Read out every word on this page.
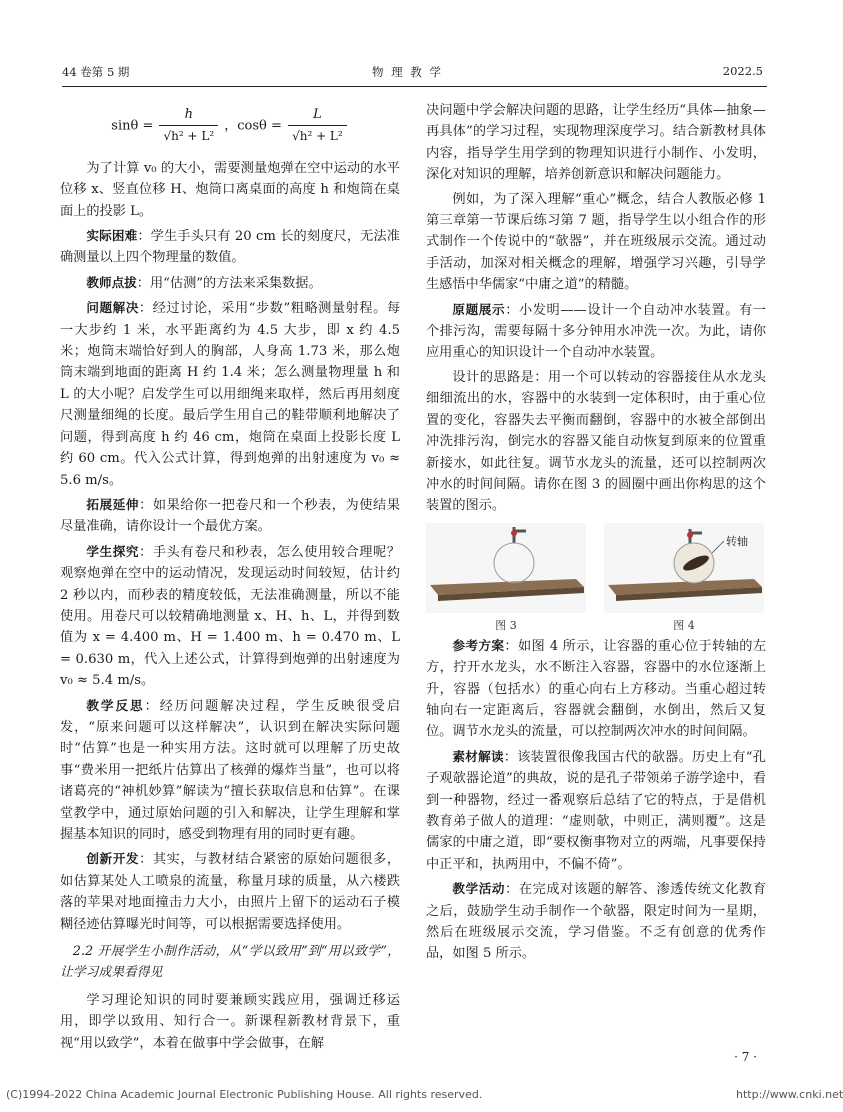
44 卷第 5 期	物 理 教 学	2022.5

$\sin\theta = \frac{h}{\text{√h² + L²}}$ ，$\cos\theta = \frac{L}{\text{√h² + L²}}$

为了计算 v₀ 的大小，需要测量炮弹在空中运动的水平位移 x、竖直位移 H、炮筒口离桌面的高度 h 和炮筒在桌面上的投影 L。

实际困难：学生手头只有 20 cm 长的刻度尺，无法准确测量以上四个物理量的数值。

教师点拔：用“估测”的方法来采集数据。

问题解决：经过讨论，采用“步数”粗略测量射程。每一大步约 1 米，水平距离约为 4.5 大步，即 x 约 4.5 米；炮筒末端恰好到人的胸部，人身高 1.73 米，那么炮筒末端到地面的距离 H 约 1.4 米；怎么测量物理量 h 和 L 的大小呢？启发学生可以用细绳来取样，然后再用刻度尺测量细绳的长度。最后学生用自己的鞋带顺利地解决了问题，得到高度 h 约 46 cm，炮筒在桌面上投影长度 L 约 60 cm。代入公式计算，得到炮弹的出射速度为 v₀ ≈ 5.6 m/s。

拓展延伸：如果给你一把卷尺和一个秒表，为使结果尽量准确，请你设计一个最优方案。

学生探究：手头有卷尺和秒表，怎么使用较合理呢？观察炮弹在空中的运动情况，发现运动时间较短，估计约 2 秒以内，而秒表的精度较低，无法准确测量，所以不能使用。用卷尺可以较精确地测量 x、H、h、L，并得到数值为 x = 4.400 m、H = 1.400 m、h = 0.470 m、L = 0.630 m，代入上述公式，计算得到炮弹的出射速度为 v₀ ≈ 5.4 m/s。

教学反思：经历问题解决过程，学生反映很受启发，“原来问题可以这样解决”，认识到在解决实际问题时“估算”也是一种实用方法。这时就可以理解了历史故事“费米用一把纸片估算出了核弹的爆炸当量”，也可以将诸葛亮的“神机妙算”解读为“擅长获取信息和估算”。在课堂教学中，通过原始问题的引入和解决，让学生理解和掌握基本知识的同时，感受到物理有用的同时更有趣。

创新开发：其实，与教材结合紧密的原始问题很多，如估算某处人工喷泉的流量，称量月球的质量，从六楼跌落的苹果对地面撞击力大小，由照片上留下的运动石子模糊径迹估算曝光时间等，可以根据需要选择使用。

2.2 开展学生小制作活动，从“学以致用”到“用以致学”，让学习成果看得见

学习理论知识的同时要兼顾实践应用，强调迁移运用，即学以致用、知行合一。新课程新教材背景下，重视“用以致学”，本着在做事中学会做事，在解

决问题中学会解决问题的思路，让学生经历“具体—抽象—再具体”的学习过程，实现物理深度学习。结合新教材具体内容，指导学生用学到的物理知识进行小制作、小发明，深化对知识的理解，培养创新意识和解决问题能力。

例如，为了深入理解“重心”概念，结合人教版必修 1 第三章第一节课后练习第 7 题，指导学生以小组合作的形式制作一个传说中的“欹器”，并在班级展示交流。通过动手活动，加深对相关概念的理解，增强学习兴趣，引导学生感悟中华儒家“中庸之道”的精髓。

原题展示：小发明——设计一个自动冲水装置。有一个排污沟，需要每隔十多分钟用水冲洗一次。为此，请你应用重心的知识设计一个自动冲水装置。

设计的思路是：用一个可以转动的容器接住从水龙头细细流出的水，容器中的水装到一定体积时，由于重心位置的变化，容器失去平衡而翻倒，容器中的水被全部倒出冲洗排污沟，倒完水的容器又能自动恢复到原来的位置重新接水，如此往复。调节水龙头的流量，还可以控制两次冲水的时间间隔。请你在图 3 的圆圈中画出你构思的这个装置的图示。

图 3
转轴
图 4

参考方案：如图 4 所示，让容器的重心位于转轴的左方，拧开水龙头，水不断注入容器，容器中的水位逐渐上升，容器（包括水）的重心向右上方移动。当重心超过转轴向右一定距离后，容器就会翻倒，水倒出，然后又复位。调节水龙头的流量，可以控制两次冲水的时间间隔。

素材解读：该装置很像我国古代的欹器。历史上有“孔子观欹器论道”的典故，说的是孔子带领弟子游学途中，看到一种器物，经过一番观察后总结了它的特点，于是借机教育弟子做人的道理：“虚则欹，中则正，满则覆”。这是儒家的中庸之道，即“要权衡事物对立的两端，凡事要保持中正平和，执两用中，不偏不倚”。

教学活动：在完成对该题的解答、渗透传统文化教育之后，鼓励学生动手制作一个欹器，限定时间为一星期，然后在班级展示交流，学习借鉴。不乏有创意的优秀作品，如图 5 所示。

· 7 ·
(C)1994-2022 China Academic Journal Electronic Publishing House. All rights reserved.	http://www.cnki.net
